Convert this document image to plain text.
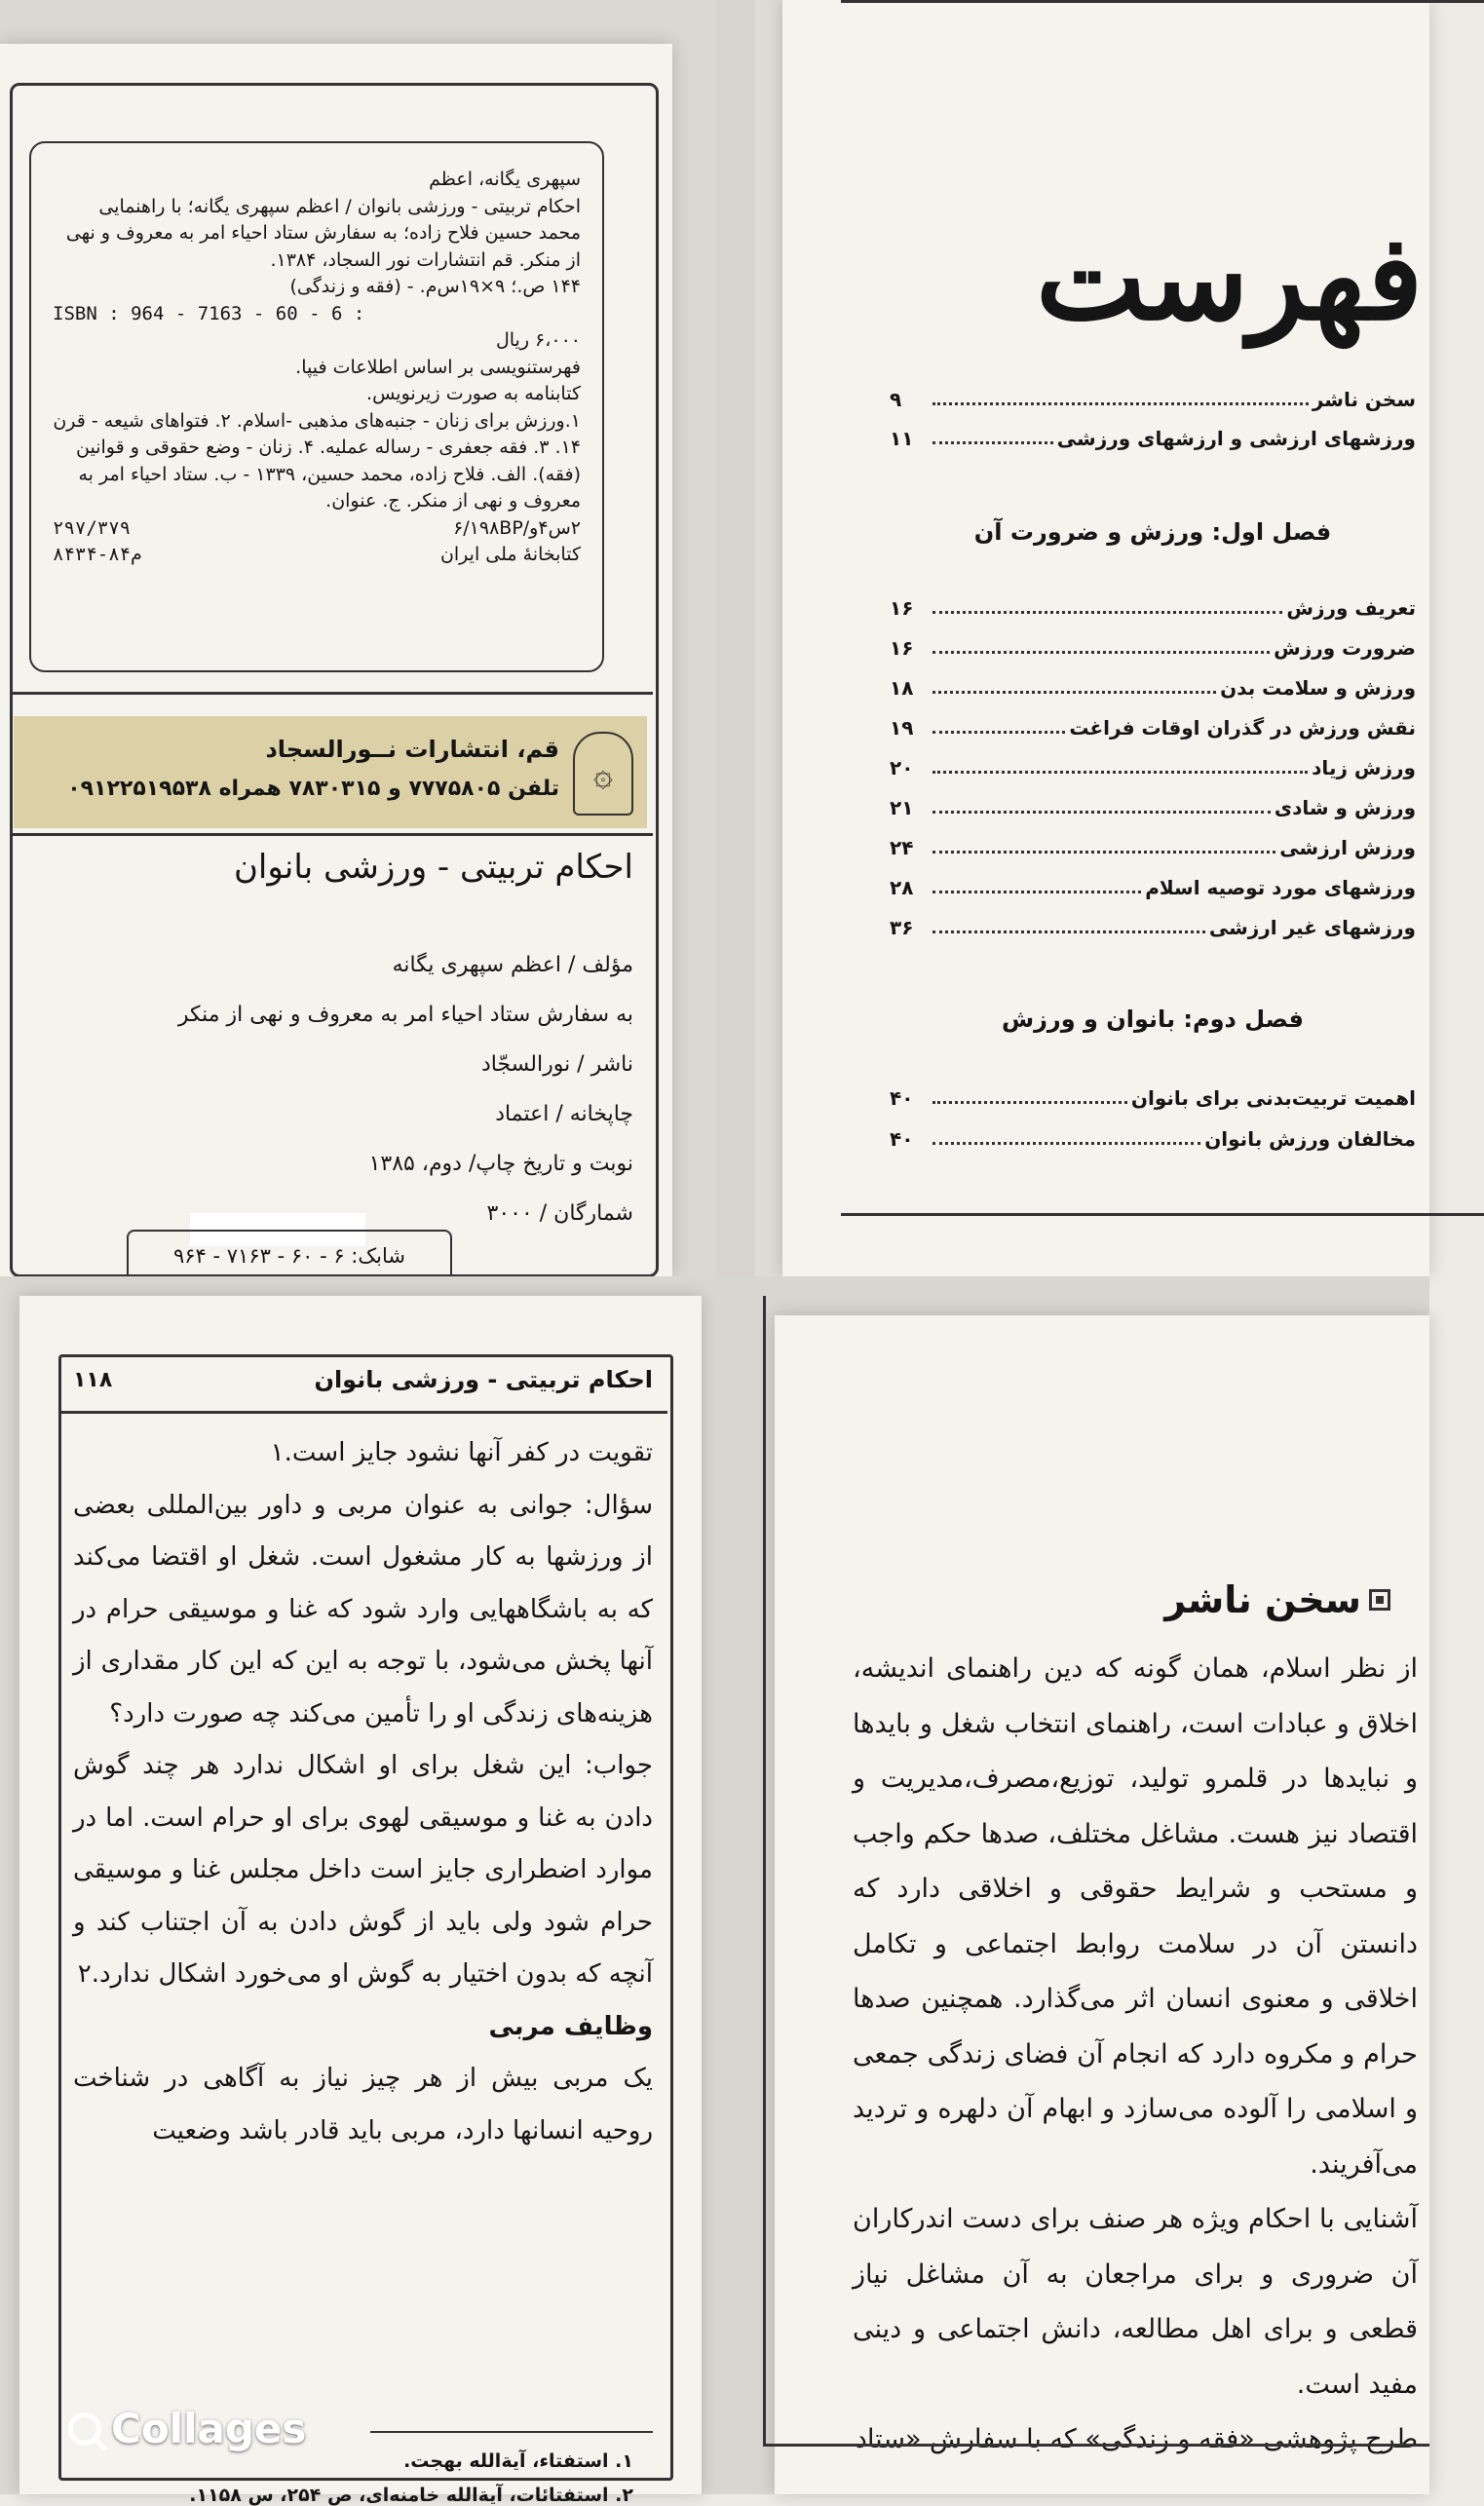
سپهری یگانه، اعظم

احکام تربیتی - ورزشی بانوان / اعظم سپهری یگانه؛ با راهنمایی محمد حسین فلاح زاده؛ به سفارش ستاد احیاء امر به معروف و نهی از منکر. قم انتشارات نور السجاد، ۱۳۸۴.

۱۴۴ ص.؛ ۹×۱۹س‌م. - (فقه و زندگی)

ISBN : 964 - 7163 - 60 - 6 :

۶،۰۰۰ ریال

فهرستنویسی بر اساس اطلاعات فیپا.

کتابنامه به صورت زیرنویس.

۱.ورزش برای زنان - جنبه‌های مذهبی -اسلام. ۲. فتواهای شیعه - قرن ۱۴. ۳. فقه جعفری - رساله عملیه. ۴. زنان - وضع حقوقی و قوانین (فقه). الف. فلاح زاده، محمد حسین، ۱۳۳۹ - ب. ستاد احیاء امر به معروف و نهی از منکر. ج. عنوان.

۲س۴و/۶/۱۹۸BP
۲۹۷/۳۷۹
کتابخانهٔ ملی ایران
۸۴۳۴-۸۴م
۞
قم، انتشارات نــورالسجاد
تلفن ۷۷۷۵۸۰۵ و ۷۸۳۰۳۱۵ همراه ۰۹۱۲۲۵۱۹۵۳۸
احکام تربیتی - ورزشی بانوان
مؤلف / اعظم سپهری یگانه
به سفارش ستاد احیاء امر به معروف و نهی از منکر
ناشر / نورالسجّاد
چاپخانه / اعتماد
نوبت و تاریخ چاپ/ دوم، ۱۳۸۵
شمارگان / ۳۰۰۰
شابک: ۶ - ۶۰ - ۷۱۶۳ - ۹۶۴
فهرست
سخن ناشر
۹
ورزشهای ارزشی و ارزشهای ورزشی
۱۱
فصل اول: ورزش و ضرورت آن
تعریف ورزش
۱۶
ضرورت ورزش
۱۶
ورزش و سلامت بدن
۱۸
نقش ورزش در گذران اوقات فراغت
۱۹
ورزش زیاد
۲۰
ورزش و شادی
۲۱
ورزش ارزشی
۲۴
ورزشهای مورد توصیه اسلام
۲۸
ورزشهای غیر ارزشی
۳۶
فصل دوم: بانوان و ورزش
اهمیت تربیت‌بدنی برای بانوان
۴۰
مخالفان ورزش بانوان
۴۰
۱۱۸	احکام تربیتی - ورزشی بانوان

تقویت در کفر آنها نشود جایز است.۱

سؤال: جوانی به عنوان مربی و داور بین‌المللی بعضی از ورزشها به کار مشغول است. شغل او اقتضا می‌کند که به باشگاههایی وارد شود که غنا و موسیقی حرام در آنها پخش می‌شود، با توجه به این که این کار مقداری از هزینه‌های زندگی او را تأمین می‌کند چه صورت دارد؟

جواب: این شغل برای او اشکال ندارد هر چند گوش دادن به غنا و موسیقی لهوی برای او حرام است. اما در موارد اضطراری جایز است داخل مجلس غنا و موسیقی حرام شود ولی باید از گوش دادن به آن اجتناب کند و آنچه که بدون اختیار به گوش او می‌خورد اشکال ندارد.۲

وظایف مربی

یک مربی بیش از هر چیز نیاز به آگاهی در شناخت روحیه انسانها دارد، مربی باید قادر باشد وضعیت

۱. استفتاء، آیةالله بهجت.
۲. استفتائات، آیةالله خامنه‌ای، ص ۲۵۴، س ۱۱۵۸.
Collages
سخن ناشر

از نظر اسلام، همان گونه که دین راهنمای اندیشه، اخلاق و عبادات است، راهنمای انتخاب شغل و بایدها و نبایدها در قلمرو تولید، توزیع،مصرف،مدیریت و اقتصاد نیز هست. مشاغل مختلف، صدها حکم واجب و مستحب و شرایط حقوقی و اخلاقی دارد که دانستن آن در سلامت روابط اجتماعی و تکامل اخلاقی و معنوی انسان اثر می‌گذارد. همچنین صدها حرام و مکروه دارد که انجام آن فضای زندگی جمعی و اسلامی را آلوده می‌سازد و ابهام آن دلهره و تردید می‌آفریند.

آشنایی با احکام ویژه هر صنف برای دست اندرکاران آن ضروری و برای مراجعان به آن مشاغل نیاز قطعی و برای اهل مطالعه، دانش اجتماعی و دینی مفید است.

طرح پژوهشی «فقه و زندگی» که با سفارش «ستاد
